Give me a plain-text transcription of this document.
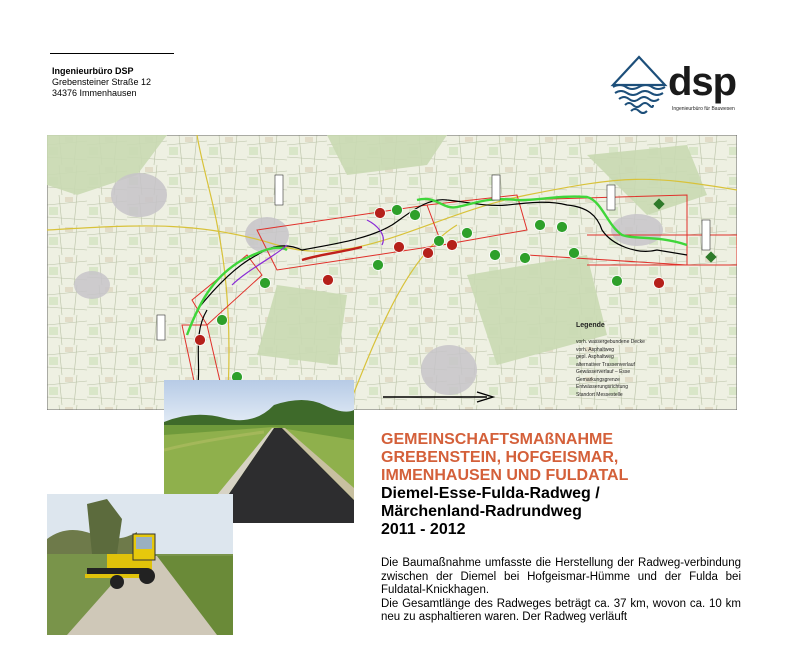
Ingenieurbüro DSP
Grebensteiner Straße 12
34376 Immenhausen	dsp
Ingenieurbüro für Bauwesen
Legende
vorh. wassergebundene Decke
vorh. Asphaltweg
gepl. Asphaltweg
alternativer Trassenverlauf
Gewässerverlauf – Esse
Gemarkungsgrenze
Entwässerungsrichtung
Standort Messestelle

GEMEINSCHAFTSMAßNAHME

GREBENSTEIN, HOFGEISMAR,

IMMENHAUSEN UND FULDATAL

Diemel-Esse-Fulda-Radweg /

Märchenland-Radrundweg

2011 - 2012

Die Baumaßnahme umfasste die Herstellung der Radweg-verbindung zwischen der Diemel bei Hofgeismar-Hümme und der Fulda bei Fuldatal-Knickhagen.

Die Gesamtlänge des Radweges beträgt ca. 37 km, wovon ca. 10 km neu zu asphaltieren waren. Der Radweg verläuft
